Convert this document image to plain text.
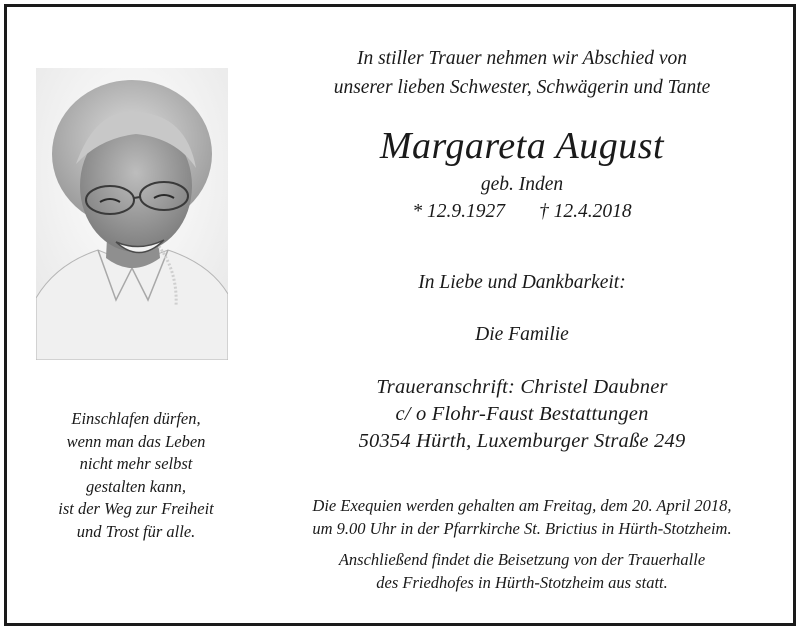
Einschlafen dürfen,
wenn man das Leben
nicht mehr selbst
gestalten kann,
ist der Weg zur Freiheit
und Trost für alle.
In stiller Trauer nehmen wir Abschied von
unserer lieben Schwester, Schwägerin und Tante
Margareta August
geb. Inden
* 12.9.1927 † 12.4.2018
In Liebe und Dankbarkeit:
Die Familie
Traueranschrift: Christel Daubner
c/ o Flohr-Faust Bestattungen
50354 Hürth, Luxemburger Straße 249
Die Exequien werden gehalten am Freitag, dem 20. April 2018,
um 9.00 Uhr in der Pfarrkirche St. Brictius in Hürth-Stotzheim.
Anschließend findet die Beisetzung von der Trauerhalle
des Friedhofes in Hürth-Stotzheim aus statt.
